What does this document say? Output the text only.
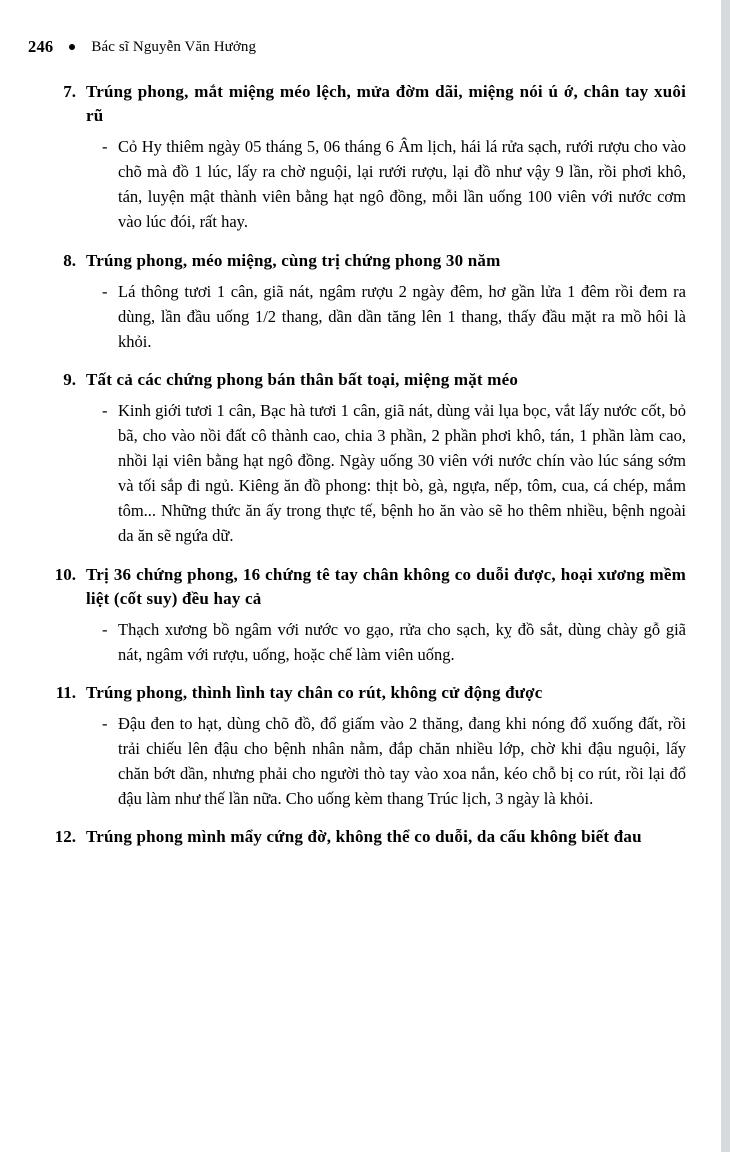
246	Bác sĩ Nguyễn Văn Hưởng
7. Trúng phong, mắt miệng méo lệch, mửa đờm dãi, miệng nói ú ớ, chân tay xuôi rũ
- Cỏ Hy thiêm ngày 05 tháng 5, 06 tháng 6 Âm lịch, hái lá rửa sạch, rưới rượu cho vào chõ mà đồ 1 lúc, lấy ra chờ nguội, lại rưới rượu, lại đồ như vậy 9 lần, rồi phơi khô, tán, luyện mật thành viên bằng hạt ngô đồng, mỗi lần uống 100 viên với nước cơm vào lúc đói, rất hay.
8. Trúng phong, méo miệng, cùng trị chứng phong 30 năm
- Lá thông tươi 1 cân, giã nát, ngâm rượu 2 ngày đêm, hơ gần lửa 1 đêm rồi đem ra dùng, lần đầu uống 1/2 thang, dần dần tăng lên 1 thang, thấy đầu mặt ra mồ hôi là khỏi.
9. Tất cả các chứng phong bán thân bất toại, miệng mặt méo
- Kinh giới tươi 1 cân, Bạc hà tươi 1 cân, giã nát, dùng vải lụa bọc, vắt lấy nước cốt, bỏ bã, cho vào nồi đất cô thành cao, chia 3 phần, 2 phần phơi khô, tán, 1 phần làm cao, nhồi lại viên bằng hạt ngô đồng. Ngày uống 30 viên với nước chín vào lúc sáng sớm và tối sắp đi ngủ. Kiêng ăn đồ phong: thịt bò, gà, ngựa, nếp, tôm, cua, cá chép, mắm tôm... Những thức ăn ấy trong thực tế, bệnh ho ăn vào sẽ ho thêm nhiều, bệnh ngoài da ăn sẽ ngứa dữ.
10. Trị 36 chứng phong, 16 chứng tê tay chân không co duỗi được, hoại xương mềm liệt (cốt suy) đều hay cả
- Thạch xương bồ ngâm với nước vo gạo, rửa cho sạch, kỵ đồ sắt, dùng chày gỗ giã nát, ngâm với rượu, uống, hoặc chế làm viên uống.
11. Trúng phong, thình lình tay chân co rút, không cử động được
- Đậu đen to hạt, dùng chõ đồ, đổ giấm vào 2 thăng, đang khi nóng đổ xuống đất, rồi trải chiếu lên đậu cho bệnh nhân nằm, đắp chăn nhiều lớp, chờ khi đậu nguội, lấy chăn bớt dần, nhưng phải cho người thò tay vào xoa nắn, kéo chỗ bị co rút, rồi lại đổ đậu làm như thế lần nữa. Cho uống kèm thang Trúc lịch, 3 ngày là khỏi.
12. Trúng phong mình mẩy cứng đờ, không thể co duỗi, da cấu không biết đau
